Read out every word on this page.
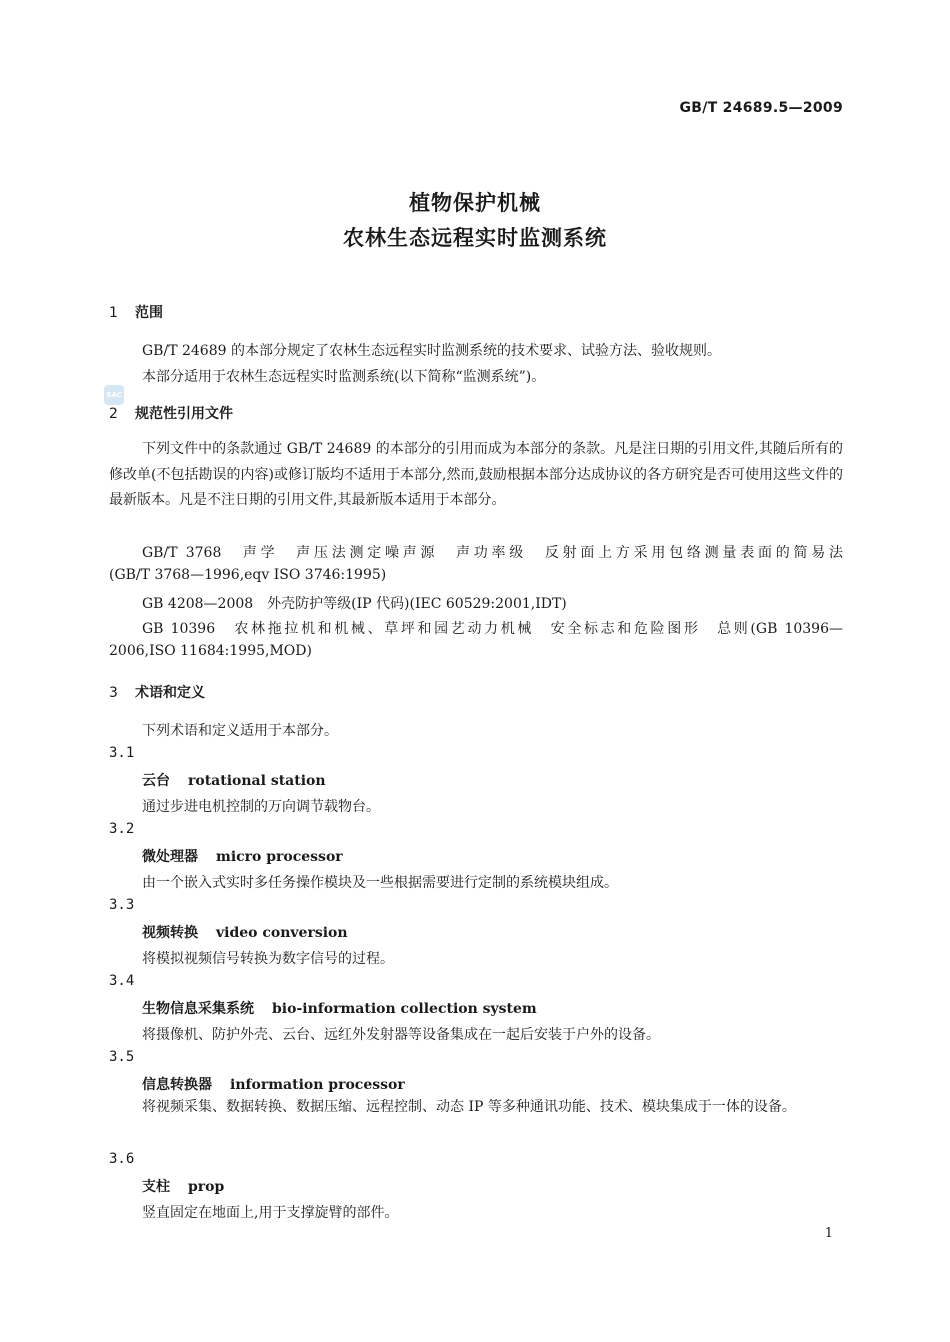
GB/T 24689.5—2009
植物保护机械
农林生态远程实时监测系统
1 范围
GB/T 24689 的本部分规定了农林生态远程实时监测系统的技术要求、试验方法、验收规则。
本部分适用于农林生态远程实时监测系统(以下简称“监测系统”)。
SAC
2 规范性引用文件
下列文件中的条款通过 GB/T 24689 的本部分的引用而成为本部分的条款。凡是注日期的引用文件,其随后所有的修改单(不包括勘误的内容)或修订版均不适用于本部分,然而,鼓励根据本部分达成协议的各方研究是否可使用这些文件的最新版本。凡是不注日期的引用文件,其最新版本适用于本部分。
GB/T 3768　声学　声压法测定噪声源　声功率级　反射面上方采用包络测量表面的简易法
(GB/T 3768—1996,eqv ISO 3746:1995)
GB 4208—2008　外壳防护等级(IP 代码)(IEC 60529:2001,IDT)
GB 10396　农林拖拉机和机械、草坪和园艺动力机械　安全标志和危险图形　总则(GB 10396—
2006,ISO 11684:1995,MOD)
3 术语和定义
下列术语和定义适用于本部分。
3.1
云台 rotational station
通过步进电机控制的万向调节载物台。
3.2
微处理器 micro processor
由一个嵌入式实时多任务操作模块及一些根据需要进行定制的系统模块组成。
3.3
视频转换 video conversion
将模拟视频信号转换为数字信号的过程。
3.4
生物信息采集系统 bio-information collection system
将摄像机、防护外壳、云台、远红外发射器等设备集成在一起后安装于户外的设备。
3.5
信息转换器 information processor
将视频采集、数据转换、数据压缩、远程控制、动态 IP 等多种通讯功能、技术、模块集成于一体的设备。
3.6
支柱 prop
竖直固定在地面上,用于支撑旋臂的部件。
1
